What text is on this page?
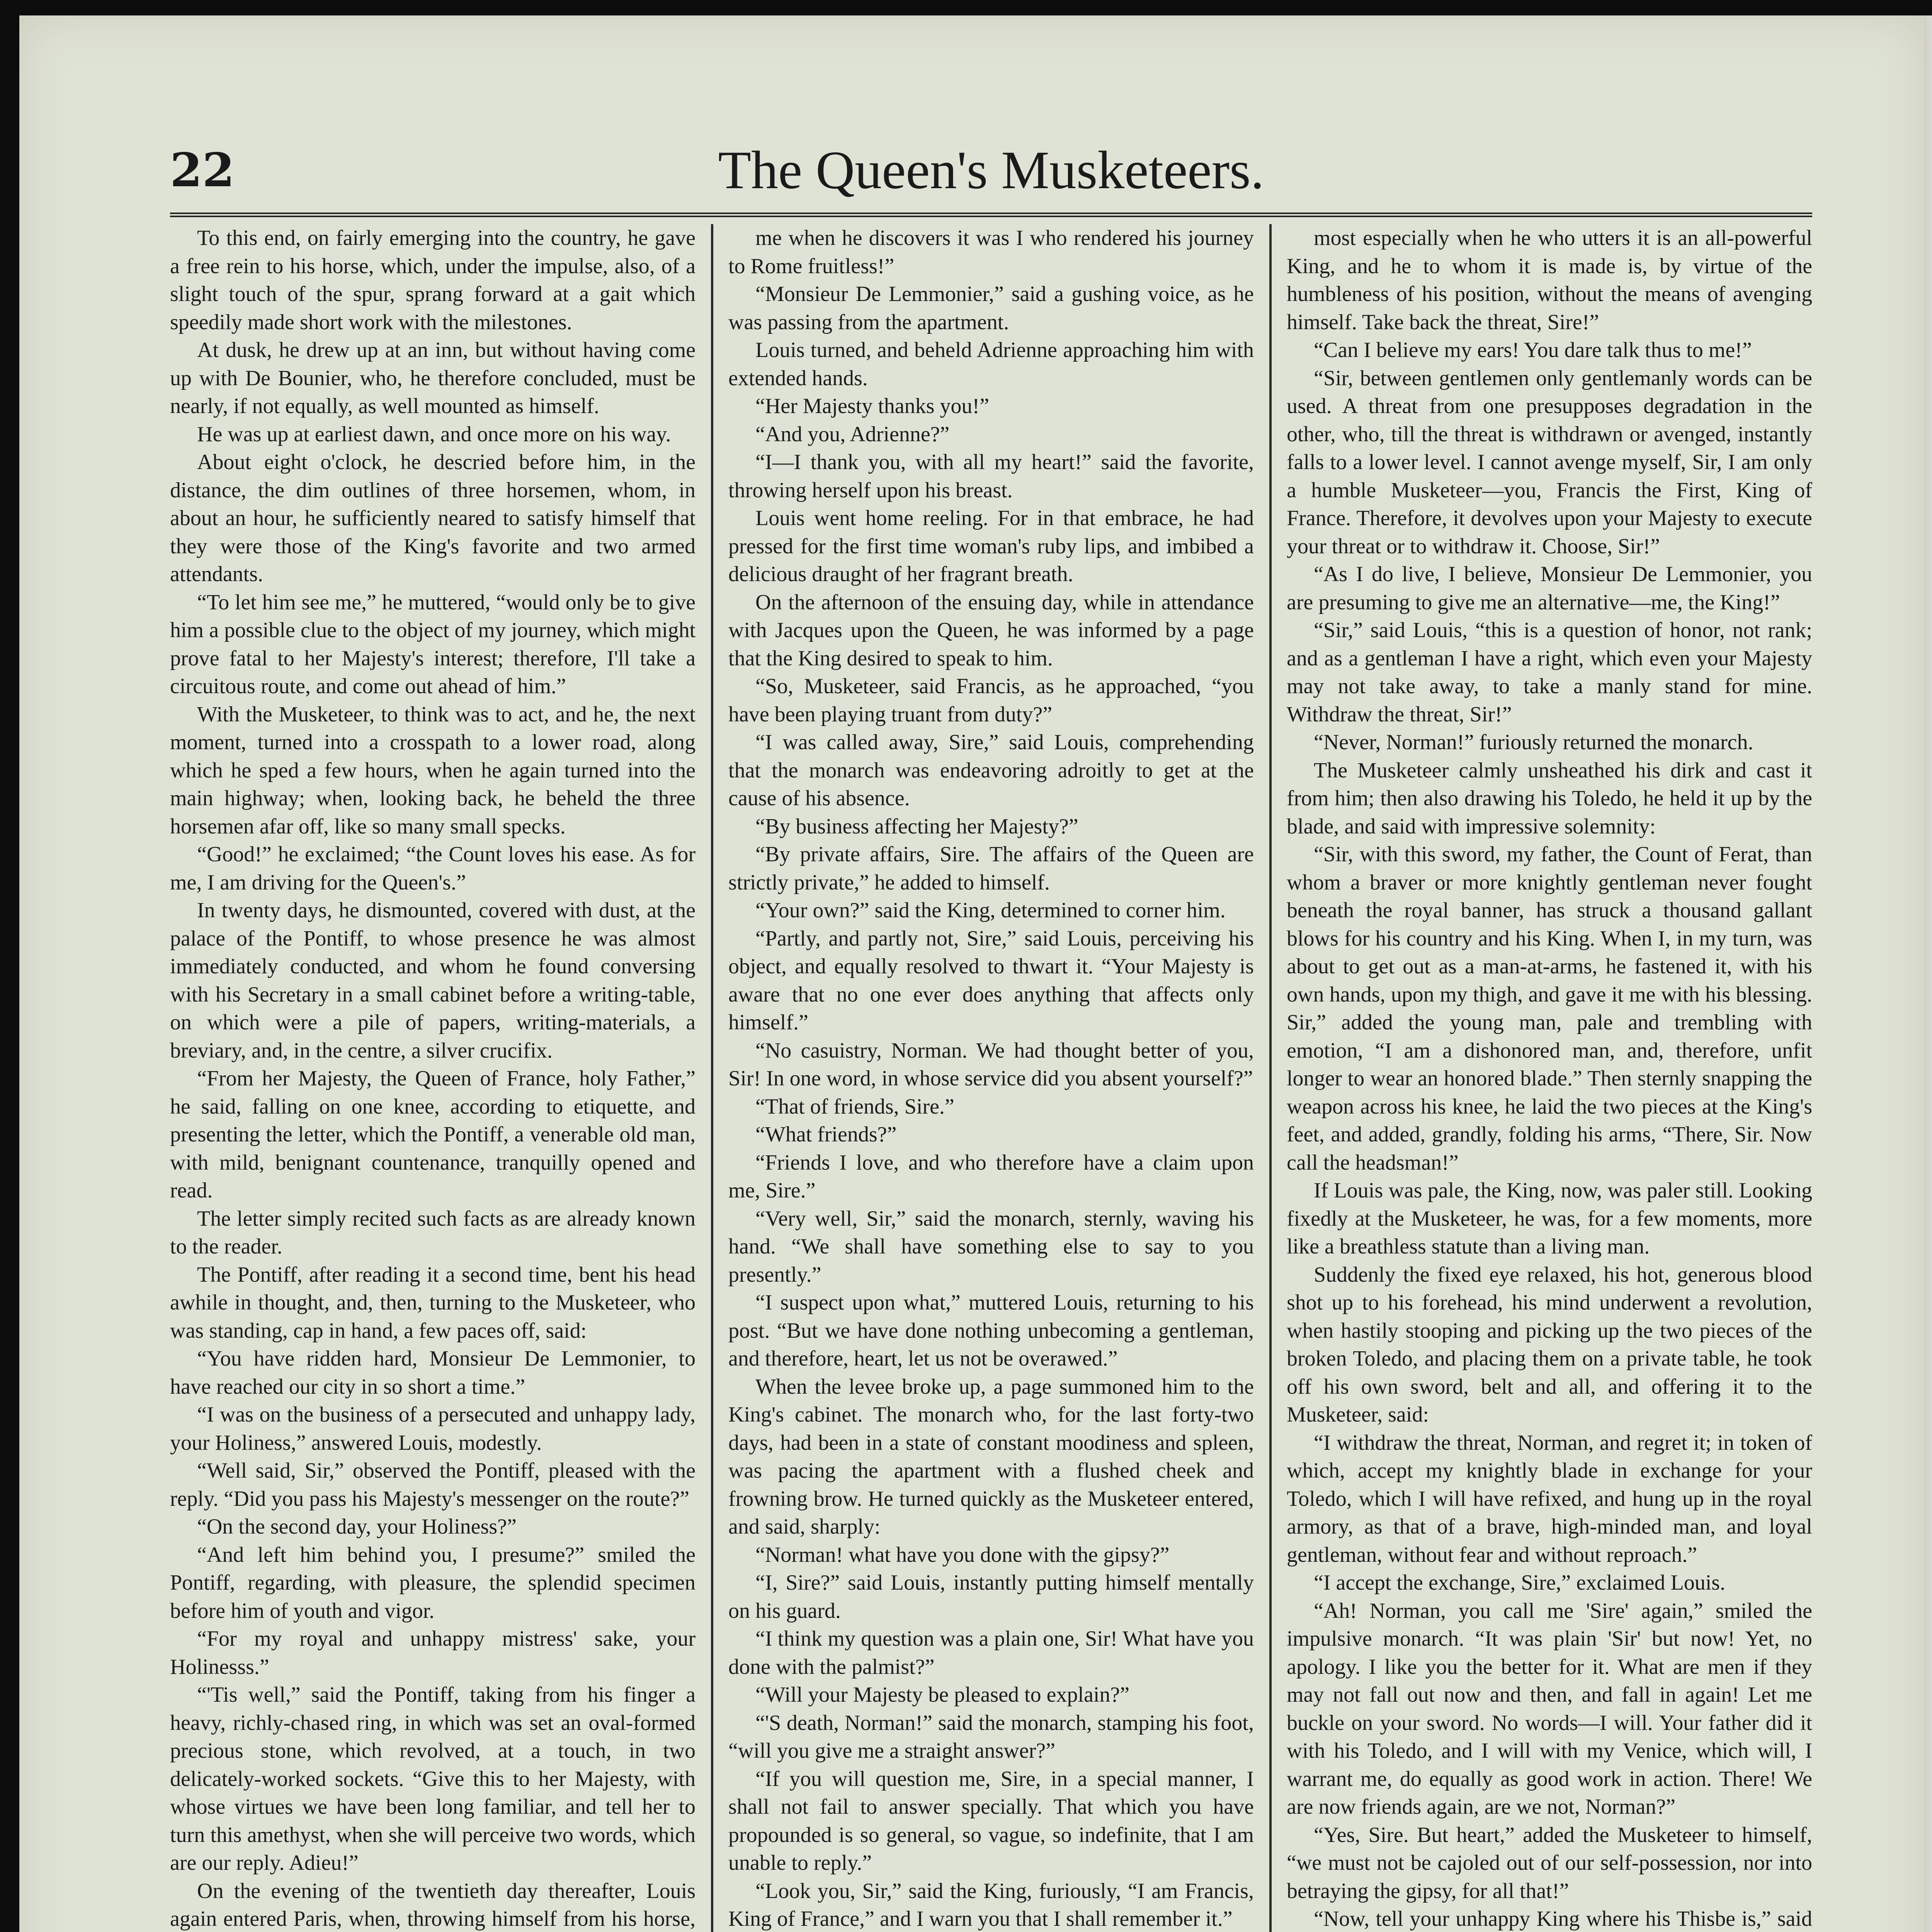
The Queen's Musketeers.
22

To this end, on fairly emerging into the country, he gave a free rein to his horse, which, under the impulse, also, of a slight touch of the spur, sprang forward at a gait which speedily made short work with the milestones.

At dusk, he drew up at an inn, but without having come up with De Bounier, who, he therefore concluded, must be nearly, if not equally, as well mounted as himself.

He was up at earliest dawn, and once more on his way.

About eight o'clock, he descried before him, in the distance, the dim outlines of three horsemen, whom, in about an hour, he sufficiently neared to satisfy himself that they were those of the King's favorite and two armed attendants.

“To let him see me,” he muttered, “would only be to give him a possible clue to the object of my journey, which might prove fatal to her Majesty's interest; therefore, I'll take a circuitous route, and come out ahead of him.”

With the Musketeer, to think was to act, and he, the next moment, turned into a crosspath to a lower road, along which he sped a few hours, when he again turned into the main highway; when, looking back, he beheld the three horsemen afar off, like so many small specks.

“Good!” he exclaimed; “the Count loves his ease. As for me, I am driving for the Queen's.”

In twenty days, he dismounted, covered with dust, at the palace of the Pontiff, to whose presence he was almost immediately conducted, and whom he found conversing with his Secretary in a small cabinet before a writing-table, on which were a pile of papers, writing-materials, a breviary, and, in the centre, a silver crucifix.

“From her Majesty, the Queen of France, holy Father,” he said, falling on one knee, according to etiquette, and presenting the letter, which the Pontiff, a venerable old man, with mild, benignant countenance, tranquilly opened and read.

The letter simply recited such facts as are already known to the reader.

The Pontiff, after reading it a second time, bent his head awhile in thought, and, then, turning to the Musketeer, who was standing, cap in hand, a few paces off, said:

“You have ridden hard, Monsieur De Lemmonier, to have reached our city in so short a time.”

“I was on the business of a persecuted and unhappy lady, your Holiness,” answered Louis, modestly.

“Well said, Sir,” observed the Pontiff, pleased with the reply. “Did you pass his Majesty's messenger on the route?”

“On the second day, your Holiness?”

“And left him behind you, I presume?” smiled the Pontiff, regarding, with pleasure, the splendid specimen before him of youth and vigor.

“For my royal and unhappy mistress' sake, your Holinesss.”

“'Tis well,” said the Pontiff, taking from his finger a heavy, richly-chased ring, in which was set an oval-formed precious stone, which revolved, at a touch, in two delicately-worked sockets. “Give this to her Majesty, with whose virtues we have been long familiar, and tell her to turn this amethyst, when she will perceive two words, which are our reply. Adieu!”

On the evening of the twentieth day thereafter, Louis again entered Paris, when, throwing himself from his horse,

me when he discovers it was I who rendered his journey to Rome fruitless!”

“Monsieur De Lemmonier,” said a gushing voice, as he was passing from the apartment.

Louis turned, and beheld Adrienne approaching him with extended hands.

“Her Majesty thanks you!”

“And you, Adrienne?”

“I—I thank you, with all my heart!” said the favorite, throwing herself upon his breast.

Louis went home reeling. For in that embrace, he had pressed for the first time woman's ruby lips, and imbibed a delicious draught of her fragrant breath.

On the afternoon of the ensuing day, while in attendance with Jacques upon the Queen, he was informed by a page that the King desired to speak to him.

“So, Musketeer, said Francis, as he approached, “you have been playing truant from duty?”

“I was called away, Sire,” said Louis, comprehending that the monarch was endeavoring adroitly to get at the cause of his absence.

“By business affecting her Majesty?”

“By private affairs, Sire. The affairs of the Queen are strictly private,” he added to himself.

“Your own?” said the King, determined to corner him.

“Partly, and partly not, Sire,” said Louis, perceiving his object, and equally resolved to thwart it. “Your Majesty is aware that no one ever does anything that affects only himself.”

“No casuistry, Norman. We had thought better of you, Sir! In one word, in whose service did you absent yourself?”

“That of friends, Sire.”

“What friends?”

“Friends I love, and who therefore have a claim upon me, Sire.”

“Very well, Sir,” said the monarch, sternly, waving his hand. “We shall have something else to say to you presently.”

“I suspect upon what,” muttered Louis, returning to his post. “But we have done nothing unbecoming a gentleman, and therefore, heart, let us not be overawed.”

When the levee broke up, a page summoned him to the King's cabinet. The monarch who, for the last forty-two days, had been in a state of constant moodiness and spleen, was pacing the apartment with a flushed cheek and frowning brow. He turned quickly as the Musketeer entered, and said, sharply:

“Norman! what have you done with the gipsy?”

“I, Sire?” said Louis, instantly putting himself mentally on his guard.

“I think my question was a plain one, Sir! What have you done with the palmist?”

“Will your Majesty be pleased to explain?”

“'S death, Norman!” said the monarch, stamping his foot, “will you give me a straight answer?”

“If you will question me, Sire, in a special manner, I shall not fail to answer specially. That which you have propounded is so general, so vague, so indefinite, that I am unable to reply.”

“Look you, Sir,” said the King, furiously, “I am Francis, King of France,” and I warn you that I shall remember it.”

most especially when he who utters it is an all-powerful King, and he to whom it is made is, by virtue of the humbleness of his position, without the means of avenging himself. Take back the threat, Sire!”

“Can I believe my ears! You dare talk thus to me!”

“Sir, between gentlemen only gentlemanly words can be used. A threat from one presupposes degradation in the other, who, till the threat is withdrawn or avenged, instantly falls to a lower level. I cannot avenge myself, Sir, I am only a humble Musketeer—you, Francis the First, King of France. Therefore, it devolves upon your Majesty to execute your threat or to withdraw it. Choose, Sir!”

“As I do live, I believe, Monsieur De Lemmonier, you are presuming to give me an alternative—me, the King!”

“Sir,” said Louis, “this is a question of honor, not rank; and as a gentleman I have a right, which even your Majesty may not take away, to take a manly stand for mine. Withdraw the threat, Sir!”

“Never, Norman!” furiously returned the monarch.

The Musketeer calmly unsheathed his dirk and cast it from him; then also drawing his Toledo, he held it up by the blade, and said with impressive solemnity:

“Sir, with this sword, my father, the Count of Ferat, than whom a braver or more knightly gentleman never fought beneath the royal banner, has struck a thousand gallant blows for his country and his King. When I, in my turn, was about to get out as a man-at-arms, he fastened it, with his own hands, upon my thigh, and gave it me with his blessing. Sir,” added the young man, pale and trembling with emotion, “I am a dishonored man, and, therefore, unfit longer to wear an honored blade.” Then sternly snapping the weapon across his knee, he laid the two pieces at the King's feet, and added, grandly, folding his arms, “There, Sir. Now call the headsman!”

If Louis was pale, the King, now, was paler still. Looking fixedly at the Musketeer, he was, for a few moments, more like a breathless statute than a living man.

Suddenly the fixed eye relaxed, his hot, generous blood shot up to his forehead, his mind underwent a revolution, when hastily stooping and picking up the two pieces of the broken Toledo, and placing them on a private table, he took off his own sword, belt and all, and offering it to the Musketeer, said:

“I withdraw the threat, Norman, and regret it; in token of which, accept my knightly blade in exchange for your Toledo, which I will have refixed, and hung up in the royal armory, as that of a brave, high-minded man, and loyal gentleman, without fear and without reproach.”

“I accept the exchange, Sire,” exclaimed Louis.

“Ah! Norman, you call me 'Sire' again,” smiled the impulsive monarch. “It was plain 'Sir' but now! Yet, no apology. I like you the better for it. What are men if they may not fall out now and then, and fall in again! Let me buckle on your sword. No words—I will. Your father did it with his Toledo, and I will with my Venice, which will, I warrant me, do equally as good work in action. There! We are now friends again, are we not, Norman?”

“Yes, Sire. But heart,” added the Musketeer to himself, “we must not be cajoled out of our self-possession, nor into betraying the gipsy, for all that!”

“Now, tell your unhappy King where his Thisbe is,” said
